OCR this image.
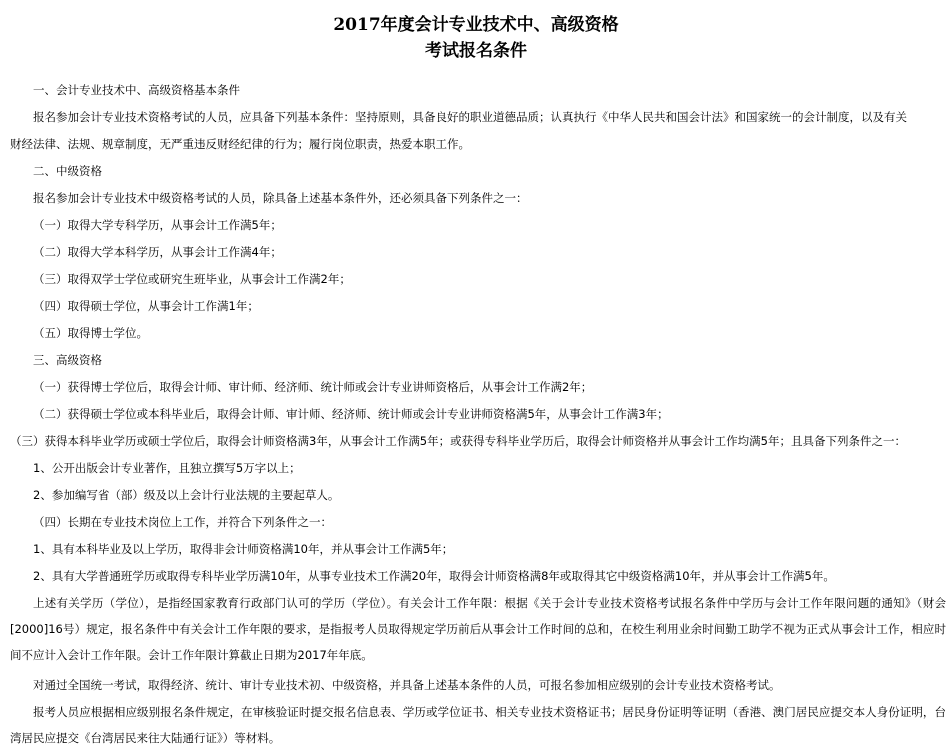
2017年度会计专业技术中、高级资格
考试报名条件
一、会计专业技术中、高级资格基本条件
报名参加会计专业技术资格考试的人员，应具备下列基本条件：坚持原则，具备良好的职业道德品质；认真执行《中华人民共和国会计法》和国家统一的会计制度，以及有关
财经法律、法规、规章制度，无严重违反财经纪律的行为；履行岗位职责，热爱本职工作。
二、中级资格
报名参加会计专业技术中级资格考试的人员，除具备上述基本条件外，还必须具备下列条件之一：
（一）取得大学专科学历，从事会计工作满5年；
（二）取得大学本科学历，从事会计工作满4年；
（三）取得双学士学位或研究生班毕业，从事会计工作满2年；
（四）取得硕士学位，从事会计工作满1年；
（五）取得博士学位。
三、高级资格
（一）获得博士学位后，取得会计师、审计师、经济师、统计师或会计专业讲师资格后，从事会计工作满2年；
（二）获得硕士学位或本科毕业后，取得会计师、审计师、经济师、统计师或会计专业讲师资格满5年，从事会计工作满3年；
（三）获得本科毕业学历或硕士学位后，取得会计师资格满3年，从事会计工作满5年；或获得专科毕业学历后，取得会计师资格并从事会计工作均满5年；且具备下列条件之一：
1、公开出版会计专业著作，且独立撰写5万字以上；
2、参加编写省（部）级及以上会计行业法规的主要起草人。
（四）长期在专业技术岗位上工作，并符合下列条件之一：
1、具有本科毕业及以上学历，取得非会计师资格满10年，并从事会计工作满5年；
2、具有大学普通班学历或取得专科毕业学历满10年，从事专业技术工作满20年，取得会计师资格满8年或取得其它中级资格满10年，并从事会计工作满5年。
上述有关学历（学位），是指经国家教育行政部门认可的学历（学位）。有关会计工作年限：根据《关于会计专业技术资格考试报名条件中学历与会计工作年限问题的通知》（财会[2000]16号）规定，报名条件中有关会计工作年限的要求，是指报考人员取得规定学历前后从事会计工作时间的总和，在校生利用业余时间勤工助学不视为正式从事会计工作，相应时间不应计入会计工作年限。会计工作年限计算截止日期为2017年年底。
对通过全国统一考试，取得经济、统计、审计专业技术初、中级资格，并具备上述基本条件的人员，可报名参加相应级别的会计专业技术资格考试。
报考人员应根据相应级别报名条件规定，在审核验证时提交报名信息表、学历或学位证书、相关专业技术资格证书；居民身份证明等证明（香港、澳门居民应提交本人身份证明，台湾居民应提交《台湾居民来往大陆通行证》）等材料。
